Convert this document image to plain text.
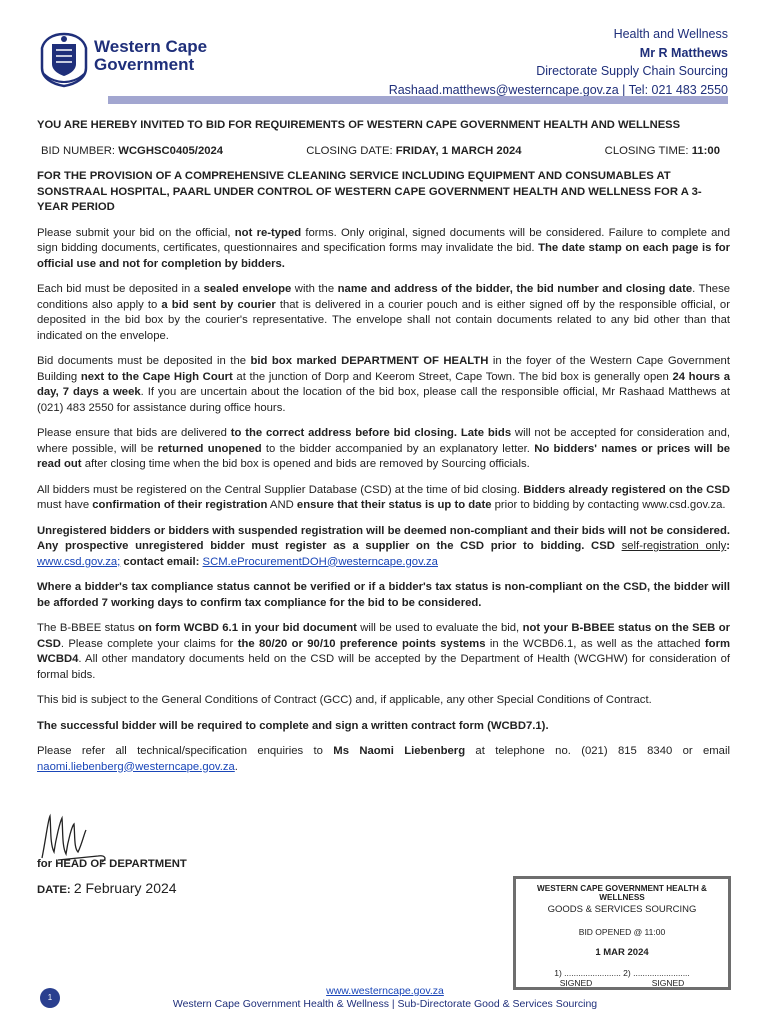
Western Cape
Government
Health and Wellness
Mr R Matthews
Directorate Supply Chain Sourcing
Rashaad.matthews@westerncape.gov.za | Tel: 021 483 2550

YOU ARE HEREBY INVITED TO BID FOR REQUIREMENTS OF WESTERN CAPE GOVERNMENT HEALTH AND WELLNESS

BID NUMBER: WCGHSC0405/2024	CLOSING DATE: FRIDAY, 1 MARCH 2024	CLOSING TIME: 11:00

FOR THE PROVISION OF A COMPREHENSIVE CLEANING SERVICE INCLUDING EQUIPMENT AND CONSUMABLES AT SONSTRAAL HOSPITAL, PAARL UNDER CONTROL OF WESTERN CAPE GOVERNMENT HEALTH AND WELLNESS FOR A 3-YEAR PERIOD

Please submit your bid on the official, not re-typed forms. Only original, signed documents will be considered. Failure to complete and sign bidding documents, certificates, questionnaires and specification forms may invalidate the bid. The date stamp on each page is for official use and not for completion by bidders.

Each bid must be deposited in a sealed envelope with the name and address of the bidder, the bid number and closing date. These conditions also apply to a bid sent by courier that is delivered in a courier pouch and is either signed off by the responsible official, or deposited in the bid box by the courier's representative. The envelope shall not contain documents related to any bid other than that indicated on the envelope.

Bid documents must be deposited in the bid box marked DEPARTMENT OF HEALTH in the foyer of the Western Cape Government Building next to the Cape High Court at the junction of Dorp and Keerom Street, Cape Town. The bid box is generally open 24 hours a day, 7 days a week. If you are uncertain about the location of the bid box, please call the responsible official, Mr Rashaad Matthews at (021) 483 2550 for assistance during office hours.

Please ensure that bids are delivered to the correct address before bid closing. Late bids will not be accepted for consideration and, where possible, will be returned unopened to the bidder accompanied by an explanatory letter. No bidders' names or prices will be read out after closing time when the bid box is opened and bids are removed by Sourcing officials.

All bidders must be registered on the Central Supplier Database (CSD) at the time of bid closing. Bidders already registered on the CSD must have confirmation of their registration AND ensure that their status is up to date prior to bidding by contacting www.csd.gov.za.

Unregistered bidders or bidders with suspended registration will be deemed non-compliant and their bids will not be considered. Any prospective unregistered bidder must register as a supplier on the CSD prior to bidding. CSD self-registration only: www.csd.gov.za; contact email: SCM.eProcurementDOH@westerncape.gov.za

Where a bidder's tax compliance status cannot be verified or if a bidder's tax status is non-compliant on the CSD, the bidder will be afforded 7 working days to confirm tax compliance for the bid to be considered.

The B-BBEE status on form WCBD 6.1 in your bid document will be used to evaluate the bid, not your B-BBEE status on the SEB or CSD. Please complete your claims for the 80/20 or 90/10 preference points systems in the WCBD6.1, as well as the attached form WCBD4. All other mandatory documents held on the CSD will be accepted by the Department of Health (WCGHW) for consideration of formal bids.

This bid is subject to the General Conditions of Contract (GCC) and, if applicable, any other Special Conditions of Contract.

The successful bidder will be required to complete and sign a written contract form (WCBD7.1).

Please refer all technical/specification enquiries to Ms Naomi Liebenberg at telephone no. (021) 815 8340 or email naomi.liebenberg@westerncape.gov.za.

for HEAD OF DEPARTMENT
DATE: 2 February 2024	WESTERN CAPE GOVERNMENT HEALTH & WELLNESS
GOODS & SERVICES SOURCING
BID OPENED @ 11:00
1 MAR 2024
1) ........................ 2) ........................
SIGNED	SIGNED
1
www.westerncape.gov.za
Western Cape Government Health & Wellness | Sub-Directorate Good & Services Sourcing
